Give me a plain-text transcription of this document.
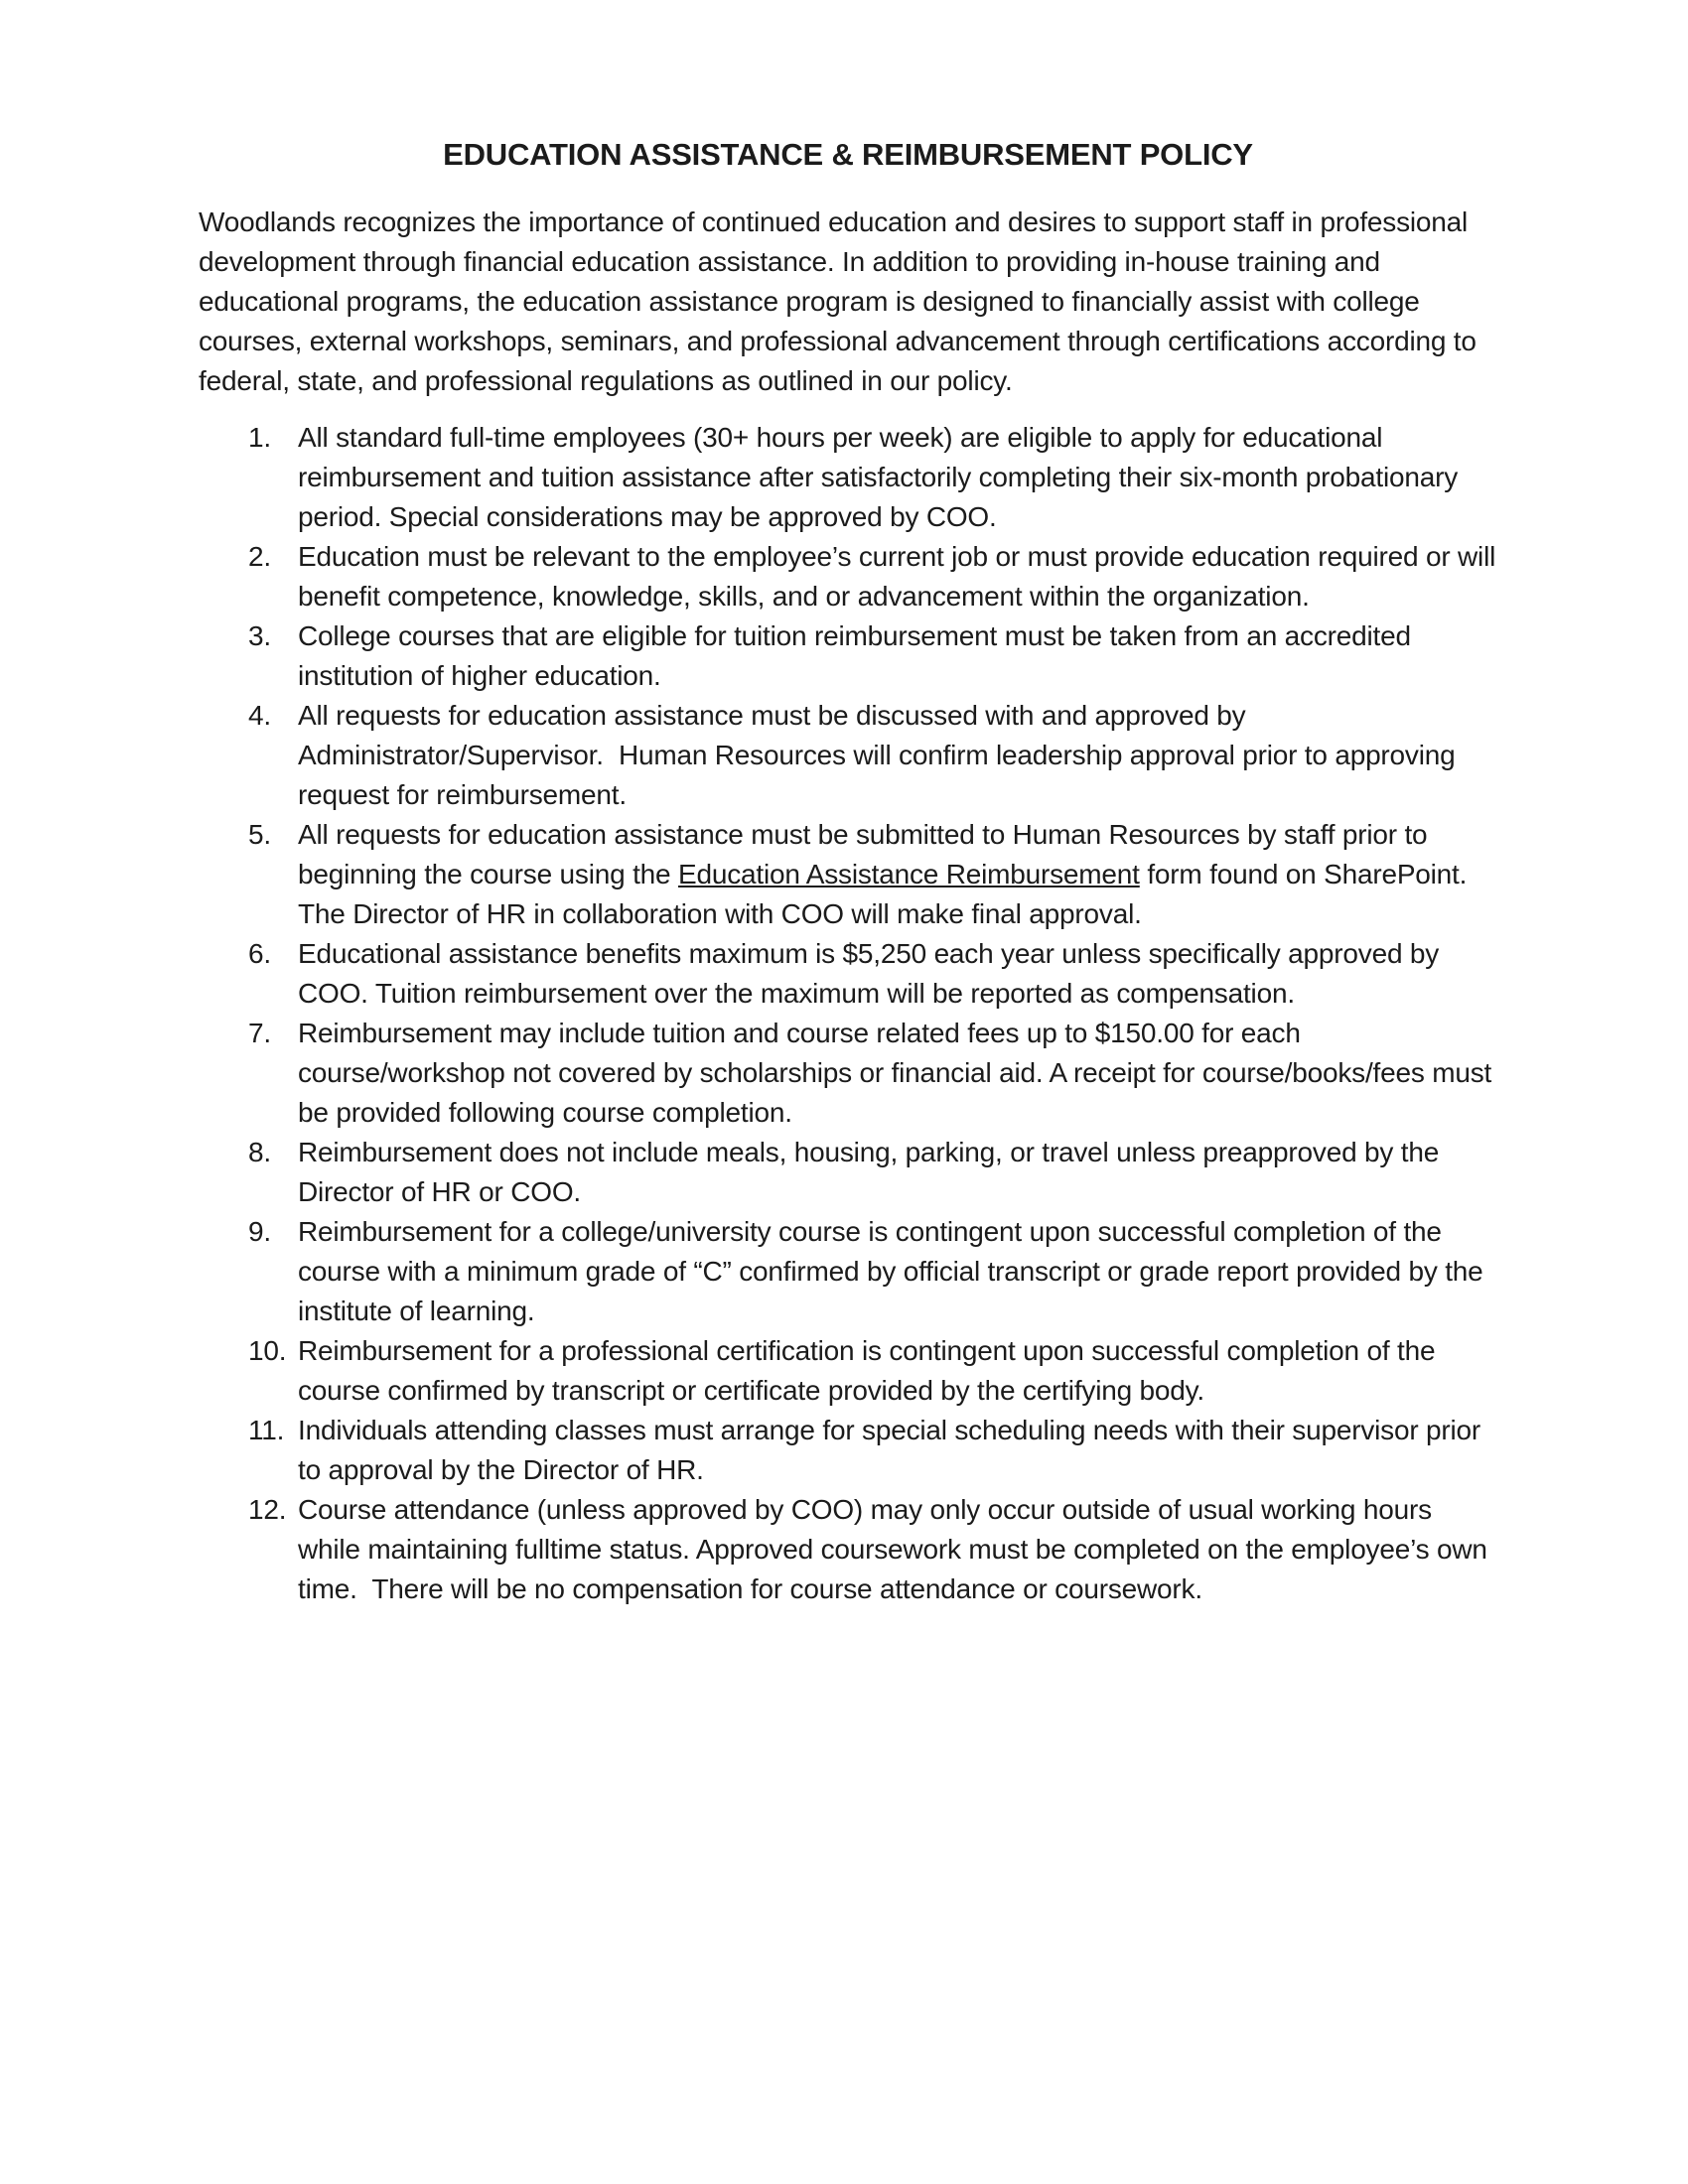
EDUCATION ASSISTANCE & REIMBURSEMENT POLICY

Woodlands recognizes the importance of continued education and desires to support staff in professional development through financial education assistance. In addition to providing in-house training and educational programs, the education assistance program is designed to financially assist with college courses, external workshops, seminars, and professional advancement through certifications according to federal, state, and professional regulations as outlined in our policy.

1. All standard full-time employees (30+ hours per week) are eligible to apply for educational reimbursement and tuition assistance after satisfactorily completing their six-month probationary period. Special considerations may be approved by COO.
2. Education must be relevant to the employee’s current job or must provide education required or will benefit competence, knowledge, skills, and or advancement within the organization.
3. College courses that are eligible for tuition reimbursement must be taken from an accredited institution of higher education.
4. All requests for education assistance must be discussed with and approved by Administrator/Supervisor.  Human Resources will confirm leadership approval prior to approving request for reimbursement.
5. All requests for education assistance must be submitted to Human Resources by staff prior to beginning the course using the Education Assistance Reimbursement form found on SharePoint.  The Director of HR in collaboration with COO will make final approval.
6. Educational assistance benefits maximum is $5,250 each year unless specifically approved by COO. Tuition reimbursement over the maximum will be reported as compensation.
7. Reimbursement may include tuition and course related fees up to $150.00 for each course/workshop not covered by scholarships or financial aid. A receipt for course/books/fees must be provided following course completion.
8. Reimbursement does not include meals, housing, parking, or travel unless preapproved by the Director of HR or COO.
9. Reimbursement for a college/university course is contingent upon successful completion of the course with a minimum grade of “C” confirmed by official transcript or grade report provided by the institute of learning.
10. Reimbursement for a professional certification is contingent upon successful completion of the course confirmed by transcript or certificate provided by the certifying body.
11. Individuals attending classes must arrange for special scheduling needs with their supervisor prior to approval by the Director of HR.
12. Course attendance (unless approved by COO) may only occur outside of usual working hours while maintaining fulltime status. Approved coursework must be completed on the employee’s own time.  There will be no compensation for course attendance or coursework.
